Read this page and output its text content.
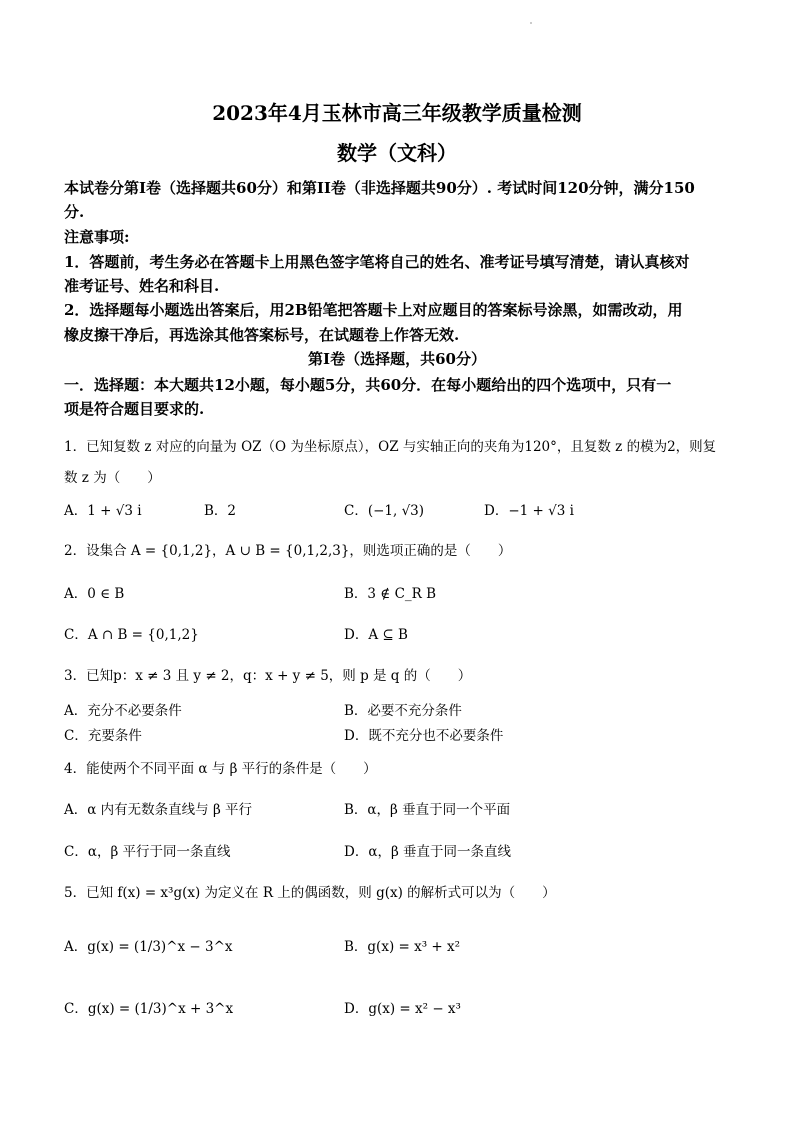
2023年4月玉林市高三年级教学质量检测
数学（文科）
本试卷分第I卷（选择题共60分）和第II卷（非选择题共90分）. 考试时间120分钟，满分150
分.
注意事项:
1．答题前，考生务必在答题卡上用黑色签字笔将自己的姓名、准考证号填写清楚，请认真核对
准考证号、姓名和科目.
2．选择题每小题选出答案后，用2B铅笔把答题卡上对应题目的答案标号涂黑，如需改动，用
橡皮擦干净后，再选涂其他答案标号，在试题卷上作答无效.
第I卷（选择题，共60分）
一．选择题：本大题共12小题，每小题5分，共60分．在每小题给出的四个选项中，只有一
项是符合题目要求的.
1．已知复数 z 对应的向量为 OZ（O 为坐标原点），OZ 与实轴正向的夹角为120°，且复数 z 的模为2，则复
数 z 为（　　）
A．1 + √3 i	B．2	C．(−1, √3)	D．−1 + √3 i
2．设集合 A = {0,1,2}，A ∪ B = {0,1,2,3}，则选项正确的是（　　）
A．0 ∈ B	B．3 ∉ C_R B
C．A ∩ B = {0,1,2}	D．A ⊆ B
3．已知p：x ≠ 3 且 y ≠ 2，q：x + y ≠ 5，则 p 是 q 的（　　）
A．充分不必要条件	B．必要不充分条件
C．充要条件	D．既不充分也不必要条件
4．能使两个不同平面 α 与 β 平行的条件是（　　）
A．α 内有无数条直线与 β 平行	B．α，β 垂直于同一个平面
C．α，β 平行于同一条直线	D．α，β 垂直于同一条直线
5．已知 f(x) = x³g(x) 为定义在 R 上的偶函数，则 g(x) 的解析式可以为（　　）
A．g(x) = (1/3)^x − 3^x	B．g(x) = x³ + x²
C．g(x) = (1/3)^x + 3^x	D．g(x) = x² − x³
